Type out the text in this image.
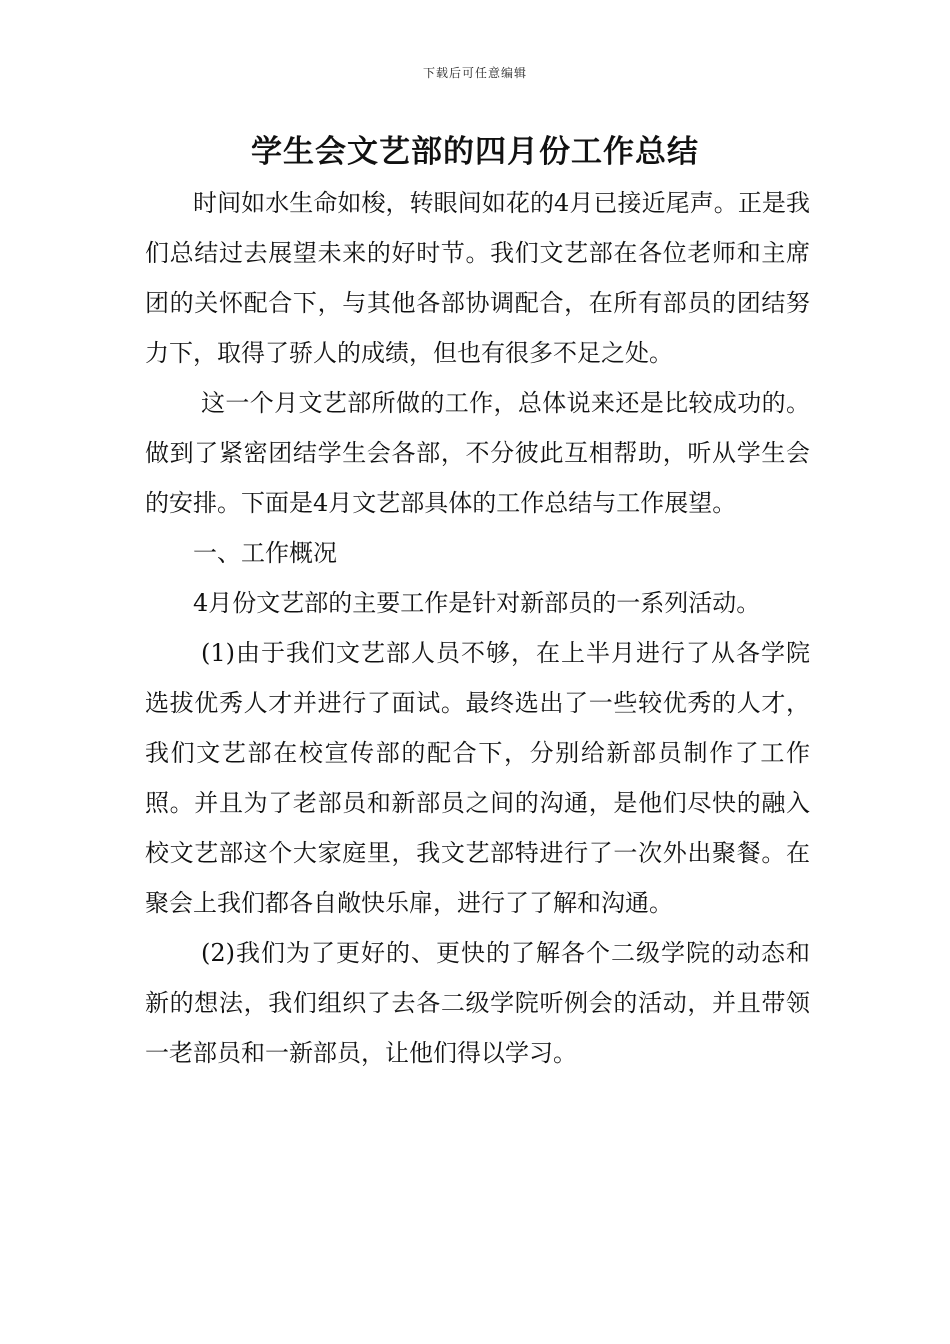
下载后可任意编辑
学生会文艺部的四月份工作总结

时间如水生命如梭，转眼间如花的4月已接近尾声。正是我们总结过去展望未来的好时节。我们文艺部在各位老师和主席团的关怀配合下，与其他各部协调配合，在所有部员的团结努力下，取得了骄人的成绩，但也有很多不足之处。

这一个月文艺部所做的工作，总体说来还是比较成功的。做到了紧密团结学生会各部，不分彼此互相帮助，听从学生会的安排。下面是4月文艺部具体的工作总结与工作展望。

一、工作概况

4月份文艺部的主要工作是针对新部员的一系列活动。

(1)由于我们文艺部人员不够，在上半月进行了从各学院选拔优秀人才并进行了面试。最终选出了一些较优秀的人才，我们文艺部在校宣传部的配合下，分别给新部员制作了工作照。并且为了老部员和新部员之间的沟通，是他们尽快的融入校文艺部这个大家庭里，我文艺部特进行了一次外出聚餐。在聚会上我们都各自敞快乐扉，进行了了解和沟通。

(2)我们为了更好的、更快的了解各个二级学院的动态和新的想法，我们组织了去各二级学院听例会的活动，并且带领一老部员和一新部员，让他们得以学习。
